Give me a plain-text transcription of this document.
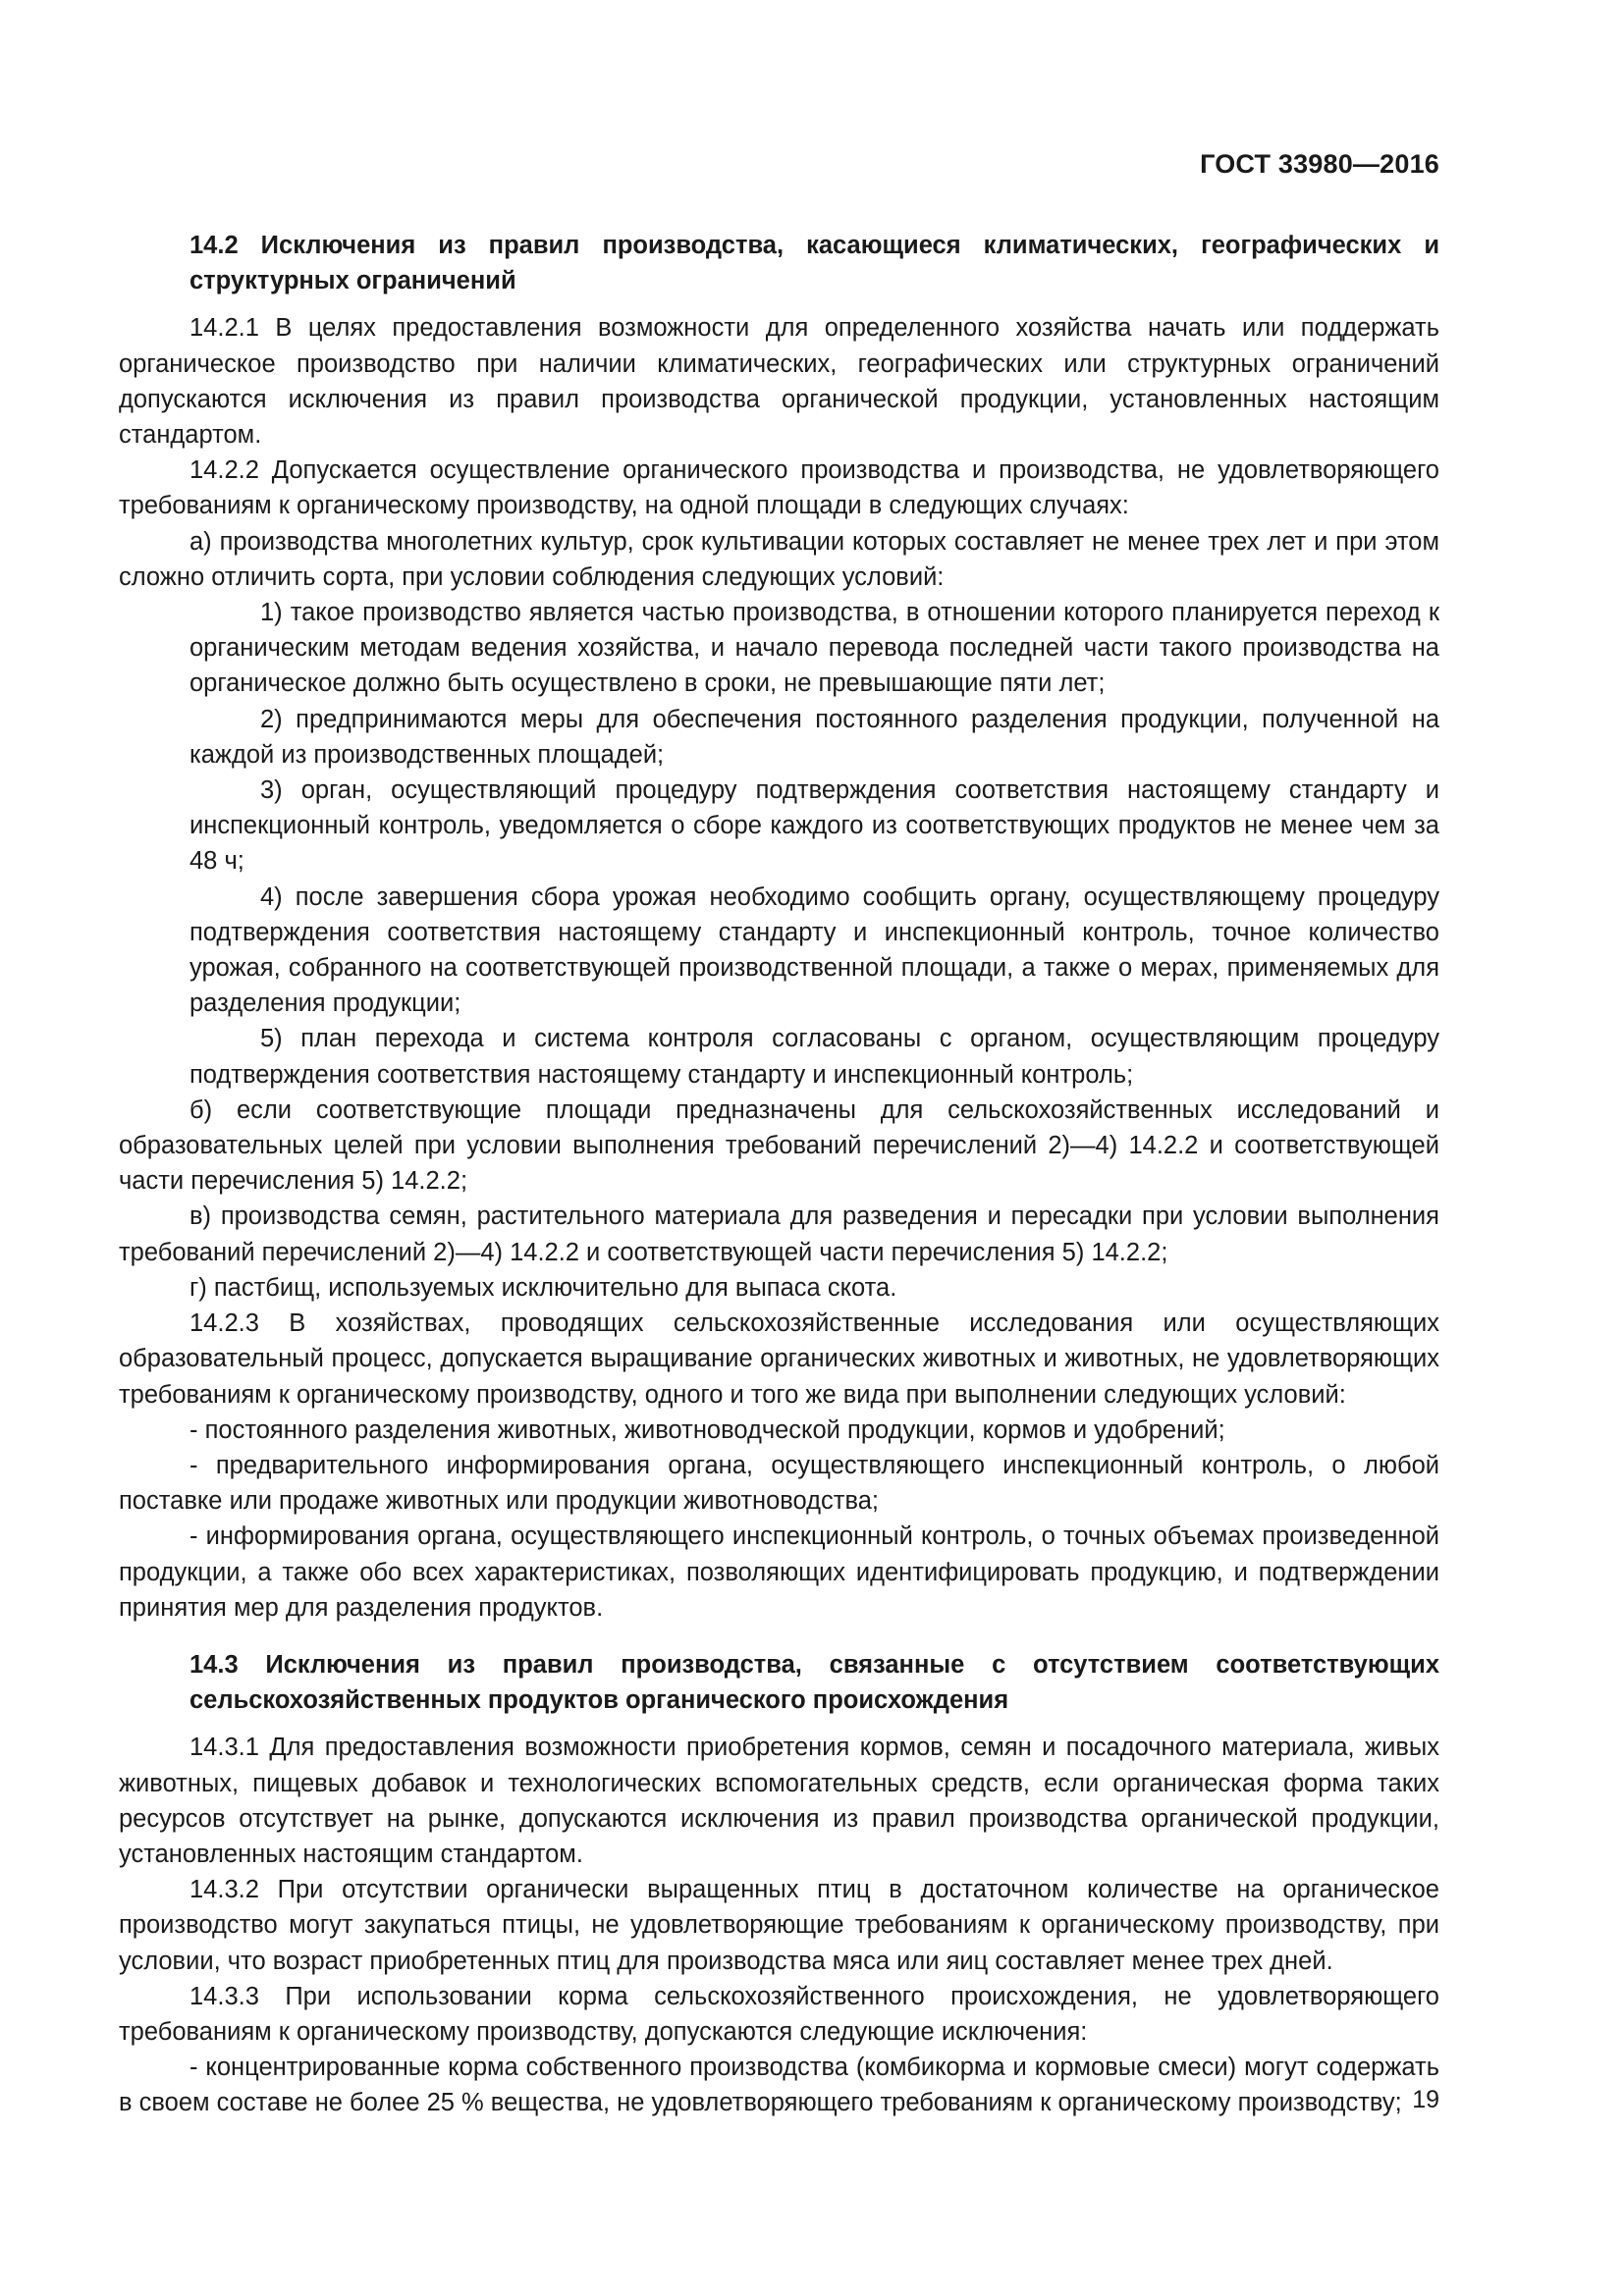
ГОСТ 33980—2016

14.2 Исключения из правил производства, касающиеся климатических, географических и структурных ограничений

14.2.1 В целях предоставления возможности для определенного хозяйства начать или поддержать органическое производство при наличии климатических, географических или структурных ограничений допускаются исключения из правил производства органической продукции, установленных настоящим стандартом.

14.2.2 Допускается осуществление органического производства и производства, не удовлетворяющего требованиям к органическому производству, на одной площади в следующих случаях:

а) производства многолетних культур, срок культивации которых составляет не менее трех лет и при этом сложно отличить сорта, при условии соблюдения следующих условий:

1) такое производство является частью производства, в отношении которого планируется переход к органическим методам ведения хозяйства, и начало перевода последней части такого производства на органическое должно быть осуществлено в сроки, не превышающие пяти лет;

2) предпринимаются меры для обеспечения постоянного разделения продукции, полученной на каждой из производственных площадей;

3) орган, осуществляющий процедуру подтверждения соответствия настоящему стандарту и инспекционный контроль, уведомляется о сборе каждого из соответствующих продуктов не менее чем за 48 ч;

4) после завершения сбора урожая необходимо сообщить органу, осуществляющему процедуру подтверждения соответствия настоящему стандарту и инспекционный контроль, точное количество урожая, собранного на соответствующей производственной площади, а также о мерах, применяемых для разделения продукции;

5) план перехода и система контроля согласованы с органом, осуществляющим процедуру подтверждения соответствия настоящему стандарту и инспекционный контроль;

б) если соответствующие площади предназначены для сельскохозяйственных исследований и образовательных целей при условии выполнения требований перечислений 2)—4) 14.2.2 и соответствующей части перечисления 5) 14.2.2;

в) производства семян, растительного материала для разведения и пересадки при условии выполнения требований перечислений 2)—4) 14.2.2 и соответствующей части перечисления 5) 14.2.2;

г) пастбищ, используемых исключительно для выпаса скота.

14.2.3 В хозяйствах, проводящих сельскохозяйственные исследования или осуществляющих образовательный процесс, допускается выращивание органических животных и животных, не удовлетворяющих требованиям к органическому производству, одного и того же вида при выполнении следующих условий:

- постоянного разделения животных, животноводческой продукции, кормов и удобрений;

- предварительного информирования органа, осуществляющего инспекционный контроль, о любой поставке или продаже животных или продукции животноводства;

- информирования органа, осуществляющего инспекционный контроль, о точных объемах произведенной продукции, а также обо всех характеристиках, позволяющих идентифицировать продукцию, и подтверждении принятия мер для разделения продуктов.

14.3 Исключения из правил производства, связанные с отсутствием соответствующих сельскохозяйственных продуктов органического происхождения

14.3.1 Для предоставления возможности приобретения кормов, семян и посадочного материала, живых животных, пищевых добавок и технологических вспомогательных средств, если органическая форма таких ресурсов отсутствует на рынке, допускаются исключения из правил производства органической продукции, установленных настоящим стандартом.

14.3.2 При отсутствии органически выращенных птиц в достаточном количестве на органическое производство могут закупаться птицы, не удовлетворяющие требованиям к органическому производству, при условии, что возраст приобретенных птиц для производства мяса или яиц составляет менее трех дней.

14.3.3 При использовании корма сельскохозяйственного происхождения, не удовлетворяющего требованиям к органическому производству, допускаются следующие исключения:

- концентрированные корма собственного производства (комбикорма и кормовые смеси) могут содержать в своем составе не более 25 % вещества, не удовлетворяющего требованиям к органическому производству; 19
